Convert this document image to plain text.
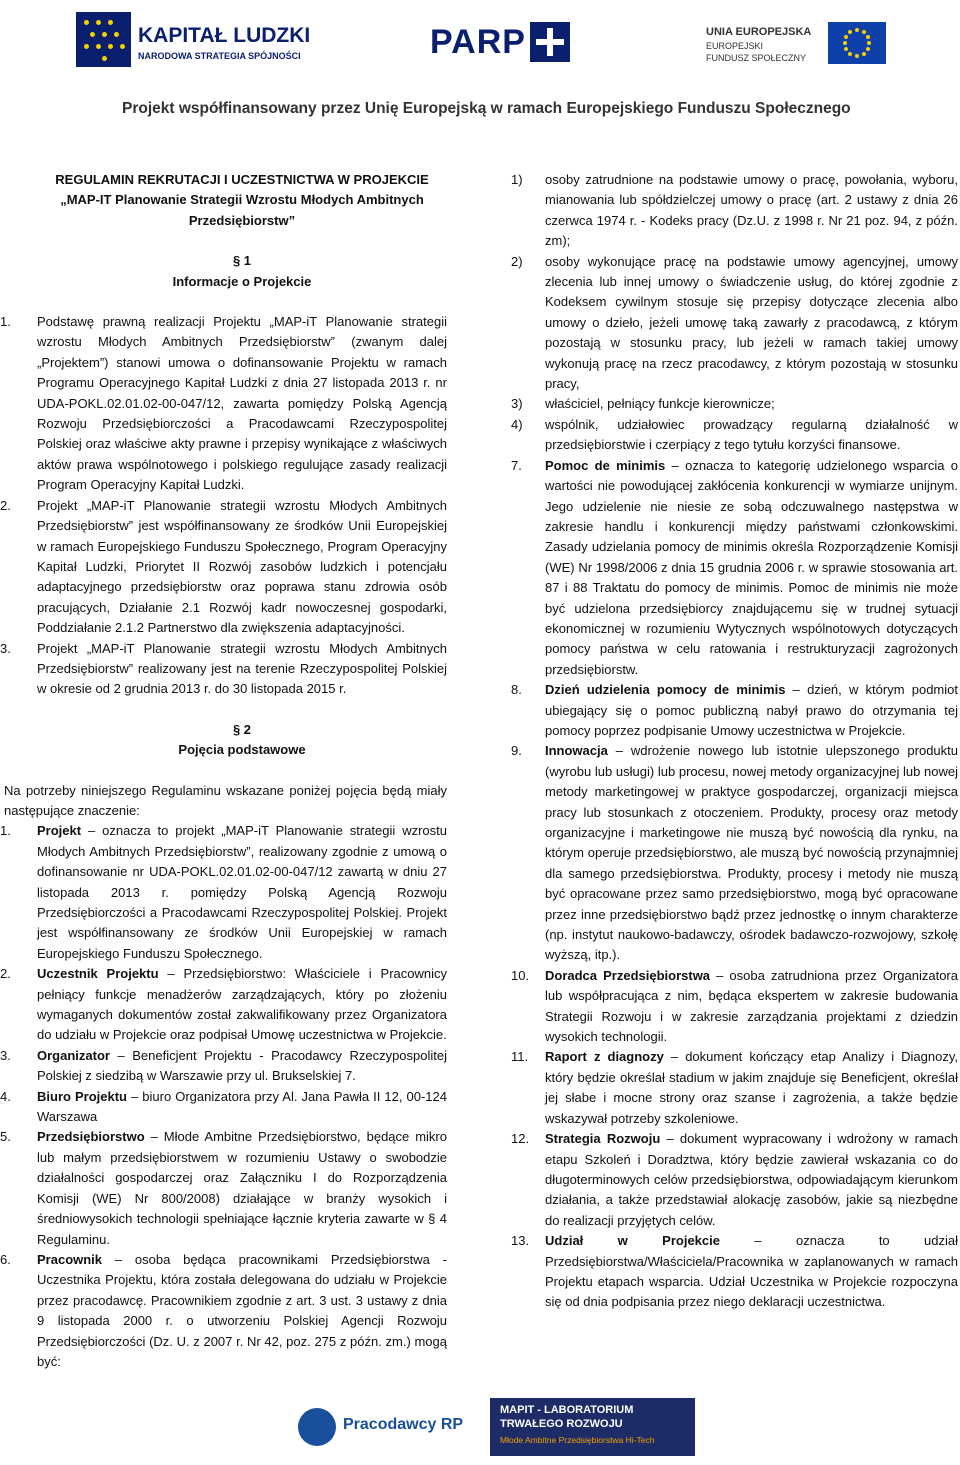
KAPITAŁ LUDZKI
NARODOWA STRATEGIA SPÓJNOŚCI	PARP	UNIA EUROPEJSKA
EUROPEJSKI
FUNDUSZ SPOŁECZNY
Projekt współfinansowany przez Unię Europejską w ramach Europejskiego Funduszu Społecznego
REGULAMIN REKRUTACJI I UCZESTNICTWA W PROJEKCIE
„MAP-IT Planowanie Strategii Wzrostu Młodych Ambitnych
Przedsiębiorstw”
§ 1
Informacje o Projekcie

1. Podstawę prawną realizacji Projektu „MAP-iT Planowanie strategii wzrostu Młodych Ambitnych Przedsiębiorstw” (zwanym dalej „Projektem”) stanowi umowa o dofinansowanie Projektu w ramach Programu Operacyjnego Kapitał Ludzki z dnia 27 listopada 2013 r. nr UDA-POKL.02.01.02-00-047/12, zawarta pomiędzy Polską Agencją Rozwoju Przedsiębiorczości a Pracodawcami Rzeczypospolitej Polskiej oraz właściwe akty prawne i przepisy wynikające z właściwych aktów prawa wspólnotowego i polskiego regulujące zasady realizacji Program Operacyjny Kapitał Ludzki.

2. Projekt „MAP-iT Planowanie strategii wzrostu Młodych Ambitnych Przedsiębiorstw” jest współfinansowany ze środków Unii Europejskiej w ramach Europejskiego Funduszu Społecznego, Program Operacyjny Kapitał Ludzki, Priorytet II Rozwój zasobów ludzkich i potencjału adaptacyjnego przedsiębiorstw oraz poprawa stanu zdrowia osób pracujących, Działanie 2.1 Rozwój kadr nowoczesnej gospodarki, Poddziałanie 2.1.2 Partnerstwo dla zwiększenia adaptacyjności.

3. Projekt „MAP-iT Planowanie strategii wzrostu Młodych Ambitnych Przedsiębiorstw” realizowany jest na terenie Rzeczypospolitej Polskiej w okresie od 2 grudnia 2013 r. do 30 listopada 2015 r.

§ 2
Pojęcia podstawowe

Na potrzeby niniejszego Regulaminu wskazane poniżej pojęcia będą miały następujące znaczenie:

1. Projekt – oznacza to projekt „MAP-iT Planowanie strategii wzrostu Młodych Ambitnych Przedsiębiorstw”, realizowany zgodnie z umową o dofinansowanie nr UDA-POKL.02.01.02-00-047/12 zawartą w dniu 27 listopada 2013 r. pomiędzy Polską Agencją Rozwoju Przedsiębiorczości a Pracodawcami Rzeczypospolitej Polskiej. Projekt jest współfinansowany ze środków Unii Europejskiej w ramach Europejskiego Funduszu Społecznego.

2. Uczestnik Projektu – Przedsiębiorstwo: Właściciele i Pracownicy pełniący funkcje menadżerów zarządzających, który po złożeniu wymaganych dokumentów został zakwalifikowany przez Organizatora do udziału w Projekcie oraz podpisał Umowę uczestnictwa w Projekcie.

3. Organizator – Beneficjent Projektu - Pracodawcy Rzeczypospolitej Polskiej z siedzibą w Warszawie przy ul. Brukselskiej 7.

4. Biuro Projektu – biuro Organizatora przy Al. Jana Pawła II 12, 00-124 Warszawa

5. Przedsiębiorstwo – Młode Ambitne Przedsiębiorstwo, będące mikro lub małym przedsiębiorstwem w rozumieniu Ustawy o swobodzie działalności gospodarczej oraz Załączniku I do Rozporządzenia Komisji (WE) Nr 800/2008) działające w branży wysokich i średniowysokich technologii spełniające łącznie kryteria zawarte w § 4 Regulaminu.

6. Pracownik – osoba będąca pracownikami Przedsiębiorstwa - Uczestnika Projektu, która została delegowana do udziału w Projekcie przez pracodawcę. Pracownikiem zgodnie z art. 3 ust. 3 ustawy z dnia 9 listopada 2000 r. o utworzeniu Polskiej Agencji Rozwoju Przedsiębiorczości (Dz. U. z 2007 r. Nr 42, poz. 275 z późn. zm.) mogą być:

1) osoby zatrudnione na podstawie umowy o pracę, powołania, wyboru, mianowania lub spółdzielczej umowy o pracę (art. 2 ustawy z dnia 26 czerwca 1974 r. - Kodeks pracy (Dz.U. z 1998 r. Nr 21 poz. 94, z późn. zm);

2) osoby wykonujące pracę na podstawie umowy agencyjnej, umowy zlecenia lub innej umowy o świadczenie usług, do której zgodnie z Kodeksem cywilnym stosuje się przepisy dotyczące zlecenia albo umowy o dzieło, jeżeli umowę taką zawarły z pracodawcą, z którym pozostają w stosunku pracy, lub jeżeli w ramach takiej umowy wykonują pracę na rzecz pracodawcy, z którym pozostają w stosunku pracy,

3) właściciel, pełniący funkcje kierownicze;

4) wspólnik, udziałowiec prowadzący regularną działalność w przedsiębiorstwie i czerpiący z tego tytułu korzyści finansowe.

7. Pomoc de minimis – oznacza to kategorię udzielonego wsparcia o wartości nie powodującej zakłócenia konkurencji w wymiarze unijnym. Jego udzielenie nie niesie ze sobą odczuwalnego następstwa w zakresie handlu i konkurencji między państwami członkowskimi. Zasady udzielania pomocy de minimis określa Rozporządzenie Komisji (WE) Nr 1998/2006 z dnia 15 grudnia 2006 r. w sprawie stosowania art. 87 i 88 Traktatu do pomocy de minimis. Pomoc de minimis nie może być udzielona przedsiębiorcy znajdującemu się w trudnej sytuacji ekonomicznej w rozumieniu Wytycznych wspólnotowych dotyczących pomocy państwa w celu ratowania i restrukturyzacji zagrożonych przedsiębiorstw.

8. Dzień udzielenia pomocy de minimis – dzień, w którym podmiot ubiegający się o pomoc publiczną nabył prawo do otrzymania tej pomocy poprzez podpisanie Umowy uczestnictwa w Projekcie.

9. Innowacja – wdrożenie nowego lub istotnie ulepszonego produktu (wyrobu lub usługi) lub procesu, nowej metody organizacyjnej lub nowej metody marketingowej w praktyce gospodarczej, organizacji miejsca pracy lub stosunkach z otoczeniem. Produkty, procesy oraz metody organizacyjne i marketingowe nie muszą być nowością dla rynku, na którym operuje przedsiębiorstwo, ale muszą być nowością przynajmniej dla samego przedsiębiorstwa. Produkty, procesy i metody nie muszą być opracowane przez samo przedsiębiorstwo, mogą być opracowane przez inne przedsiębiorstwo bądź przez jednostkę o innym charakterze (np. instytut naukowo-badawczy, ośrodek badawczo-rozwojowy, szkołę wyższą, itp.).

10. Doradca Przedsiębiorstwa – osoba zatrudniona przez Organizatora lub współpracująca z nim, będąca ekspertem w zakresie budowania Strategii Rozwoju i w zakresie zarządzania projektami z dziedzin wysokich technologii.

11. Raport z diagnozy – dokument kończący etap Analizy i Diagnozy, który będzie określał stadium w jakim znajduje się Beneficjent, określał jej słabe i mocne strony oraz szanse i zagrożenia, a także będzie wskazywał potrzeby szkoleniowe.

12. Strategia Rozwoju – dokument wypracowany i wdrożony w ramach etapu Szkoleń i Doradztwa, który będzie zawierał wskazania co do długoterminowych celów przedsiębiorstwa, odpowiadającym kierunkom działania, a także przedstawiał alokację zasobów, jakie są niezbędne do realizacji przyjętych celów.

13. Udział w Projekcie – oznacza to udział Przedsiębiorstwa/Właściciela/Pracownika w zaplanowanych w ramach Projektu etapach wsparcia. Udział Uczestnika w Projekcie rozpoczyna się od dnia podpisania przez niego deklaracji uczestnictwa.

Pracodawcy RP
MAPIT - LABORATORIUM
TRWAŁEGO ROZWOJU
Młode Ambitne Przedsiębiorstwa Hi-Tech
